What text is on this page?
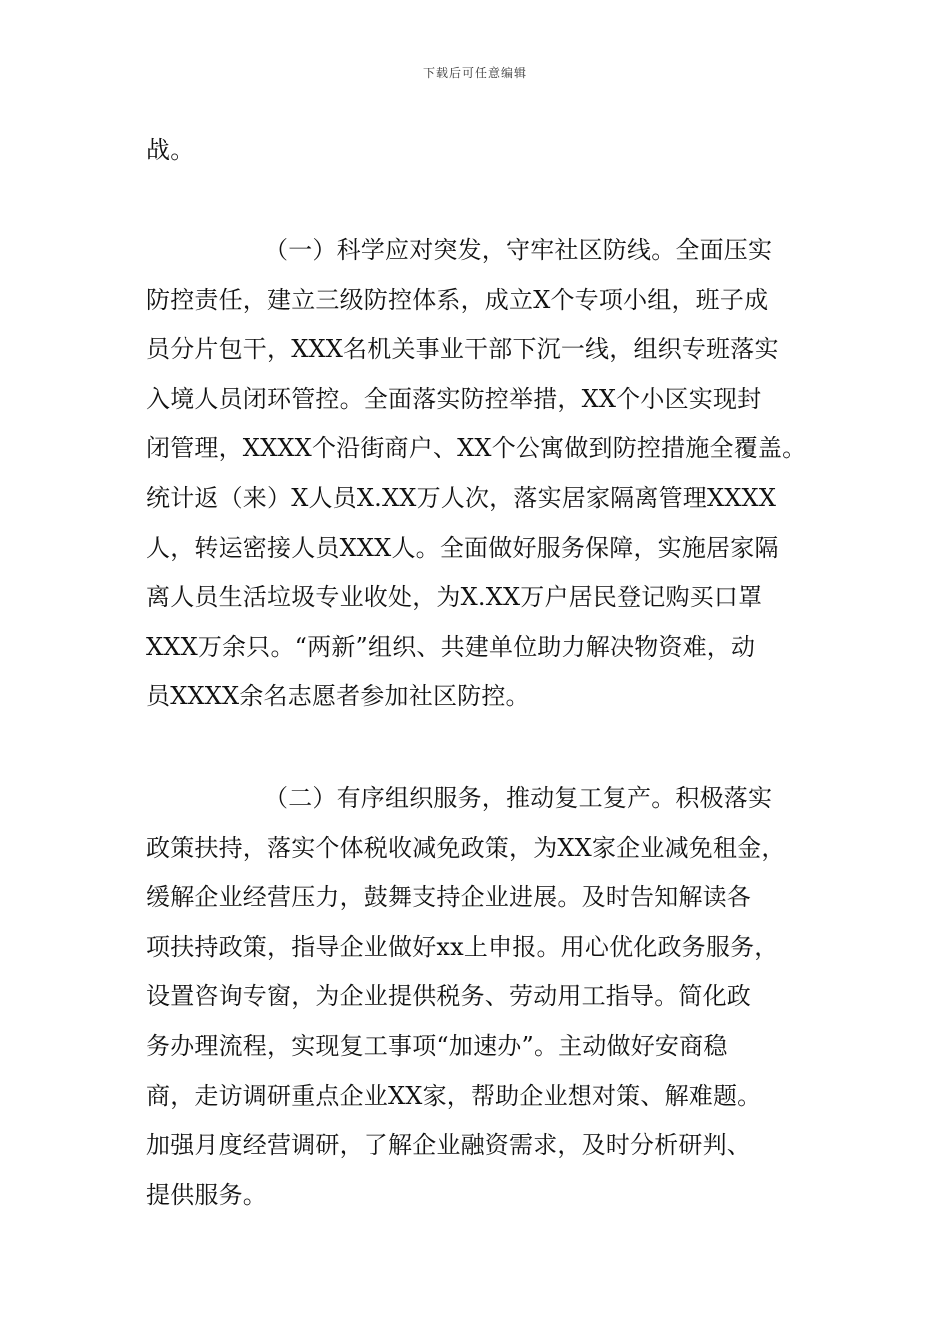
下载后可任意编辑
战。
（一）科学应对突发，守牢社区防线。全面压实
防控责任，建立三级防控体系，成立X个专项小组，班子成
员分片包干，XXX名机关事业干部下沉一线，组织专班落实
入境人员闭环管控。全面落实防控举措，XX个小区实现封
闭管理，XXXX个沿街商户、XX个公寓做到防控措施全覆盖。
统计返（来）X人员X.XX万人次，落实居家隔离管理XXXX
人，转运密接人员XXX人。全面做好服务保障，实施居家隔
离人员生活垃圾专业收处，为X.XX万户居民登记购买口罩
XXX万余只。“两新”组织、共建单位助力解决物资难，动
员XXXX余名志愿者参加社区防控。
（二）有序组织服务，推动复工复产。积极落实
政策扶持，落实个体税收减免政策，为XX家企业减免租金，
缓解企业经营压力，鼓舞支持企业进展。及时告知解读各
项扶持政策，指导企业做好xx上申报。用心优化政务服务，
设置咨询专窗，为企业提供税务、劳动用工指导。简化政
务办理流程，实现复工事项“加速办”。主动做好安商稳
商，走访调研重点企业XX家，帮助企业想对策、解难题。
加强月度经营调研，了解企业融资需求，及时分析研判、
提供服务。
